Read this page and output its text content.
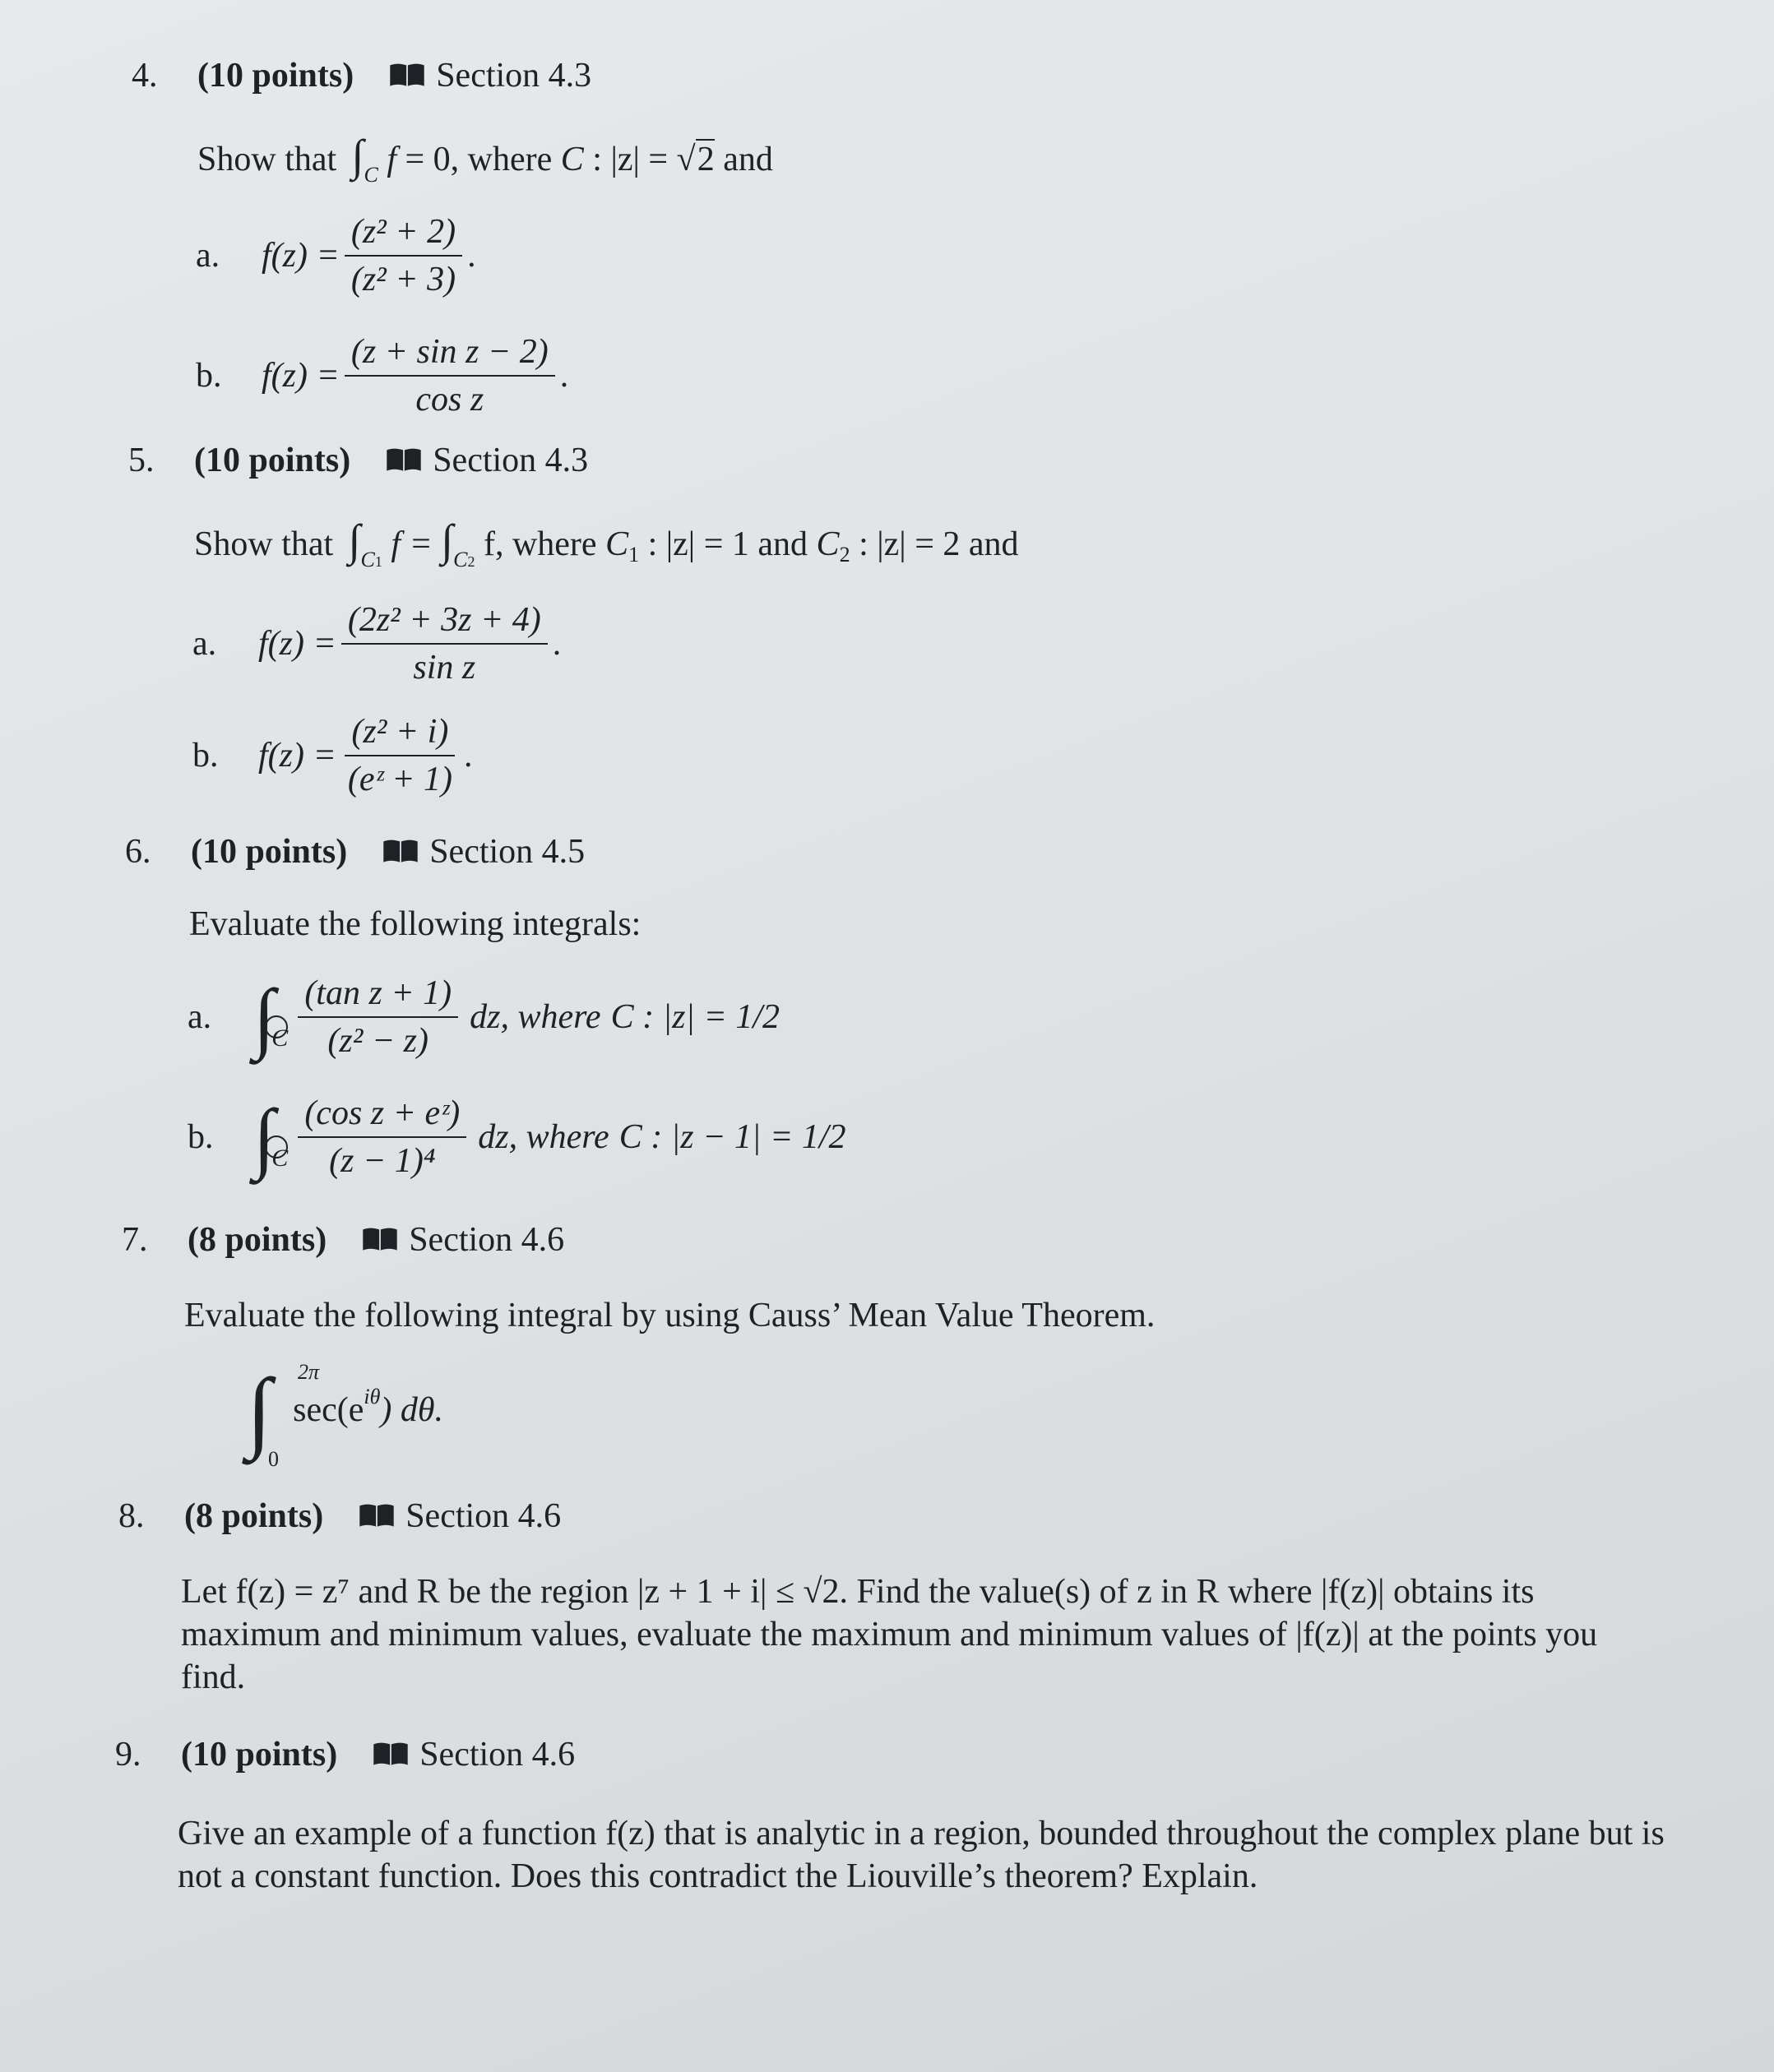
4.	(10 points) Section 4.3
Show that $\int_C$ f = 0, where C : |z| = √2 and
a.	$f(z) = \frac{\text{(z² + 2)}}{\text{(z² + 3)}}$ .
b.	$f(z) = \frac{\text{(z + sin z − 2)}}{\text{cos z}}$ .
5.	(10 points) Section 4.3
Show that $\int_{C1}$ $f = \int_{C2}$ f, where C1 : |z| = 1 and C2 : |z| = 2 and
a.	$f(z) = \frac{\text{(2z² + 3z + 4)}}{\text{sin z}}$ .
b.	$f(z) = \frac{\text{(z² + i)}}{\text{(eᶻ + 1)}}$ .
6.	(10 points) Section 4.5
Evaluate the following integrals:
a. ∫
C $\frac{\text{(tan z + 1)}}{\text{(z² − z)}}$ dz, where C : |z| = 1/2
b. ∫
C $\frac{\text{(cos z + eᶻ)}}{\text{(z − 1)⁴}}$ dz, where C : |z − 1| = 1/2
7.	(8 points) Section 4.6
Evaluate the following integral by using Causs’ Mean Value Theorem.
∫ 2π
0
sec(e iθ ) dθ.
8.	(8 points) Section 4.6
Let f(z) = z⁷ and R be the region |z + 1 + i| ≤ √2. Find the value(s) of z in R where |f(z)| obtains its maximum and minimum values, evaluate the maximum and minimum values of |f(z)| at the points you find.
9.	(10 points) Section 4.6
Give an example of a function f(z) that is analytic in a region, bounded throughout the complex plane but is not a constant function. Does this contradict the Liouville’s theorem? Explain.
